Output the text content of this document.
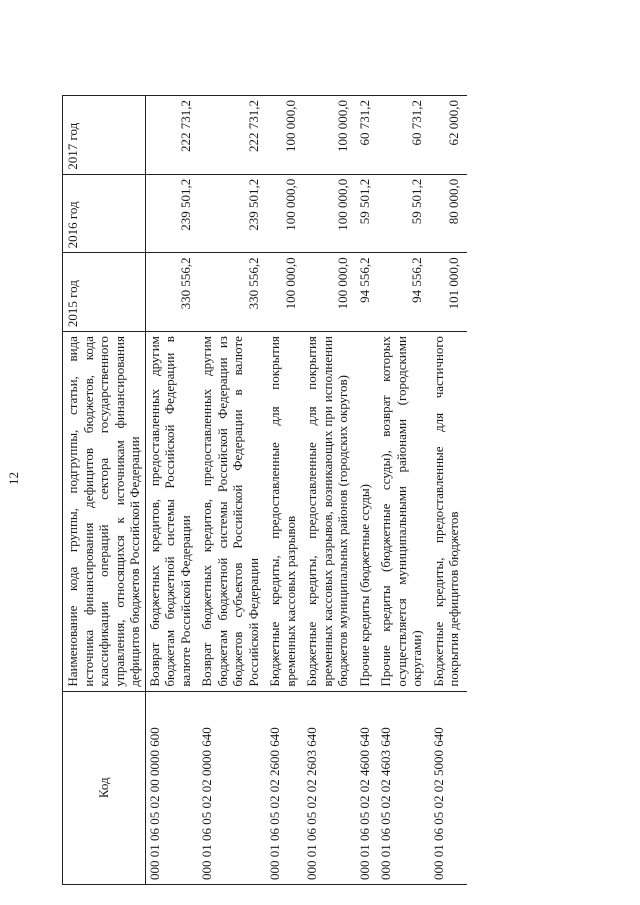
12
Код	Наименование кода группы, подгруппы, статьи, вида источника финансирования дефицитов бюджетов, кода классификации операций сектора государственного управления, относящихся к источникам финансирования дефицитов бюджетов Российской Федерации	2015 год	2016 год	2017 год
000 01 06 05 02 00 0000 600	Возврат бюджетных кредитов, предоставленных другим бюджетам бюджетной системы Российской Федерации в валюте Российской Федерации	330 556,2	239 501,2	222 731,2
000 01 06 05 02 02 0000 640	Возврат бюджетных кредитов, предоставленных другим бюджетам бюджетной системы Российской Федерации из бюджетов субъектов Российской Федерации в валюте Российской Федерации	330 556,2	239 501,2	222 731,2
000 01 06 05 02 02 2600 640	Бюджетные кредиты, предоставленные для покрытия временных кассовых разрывов	100 000,0	100 000,0	100 000,0

000 01 06 05 02 02 2603 640	Бюджетные кредиты, предоставленные для покрытия временных кассовых разрывов, возникающих при исполнении бюджетов муниципальных районов (городских округов)	100 000,0	100 000,0	100 000,0
000 01 06 05 02 02 4600 640	Прочие кредиты (бюджетные ссуды)	94 556,2	59 501,2	60 731,2
000 01 06 05 02 02 4603 640	Прочие кредиты (бюджетные ссуды), возврат которых осуществляется муниципальными районами (городскими округами)	94 556,2	59 501,2	60 731,2
000 01 06 05 02 02 5000 640	Бюджетные кредиты, предоставленные для частичного покрытия дефицитов бюджетов	101 000,0	80 000,0	62 000,0
